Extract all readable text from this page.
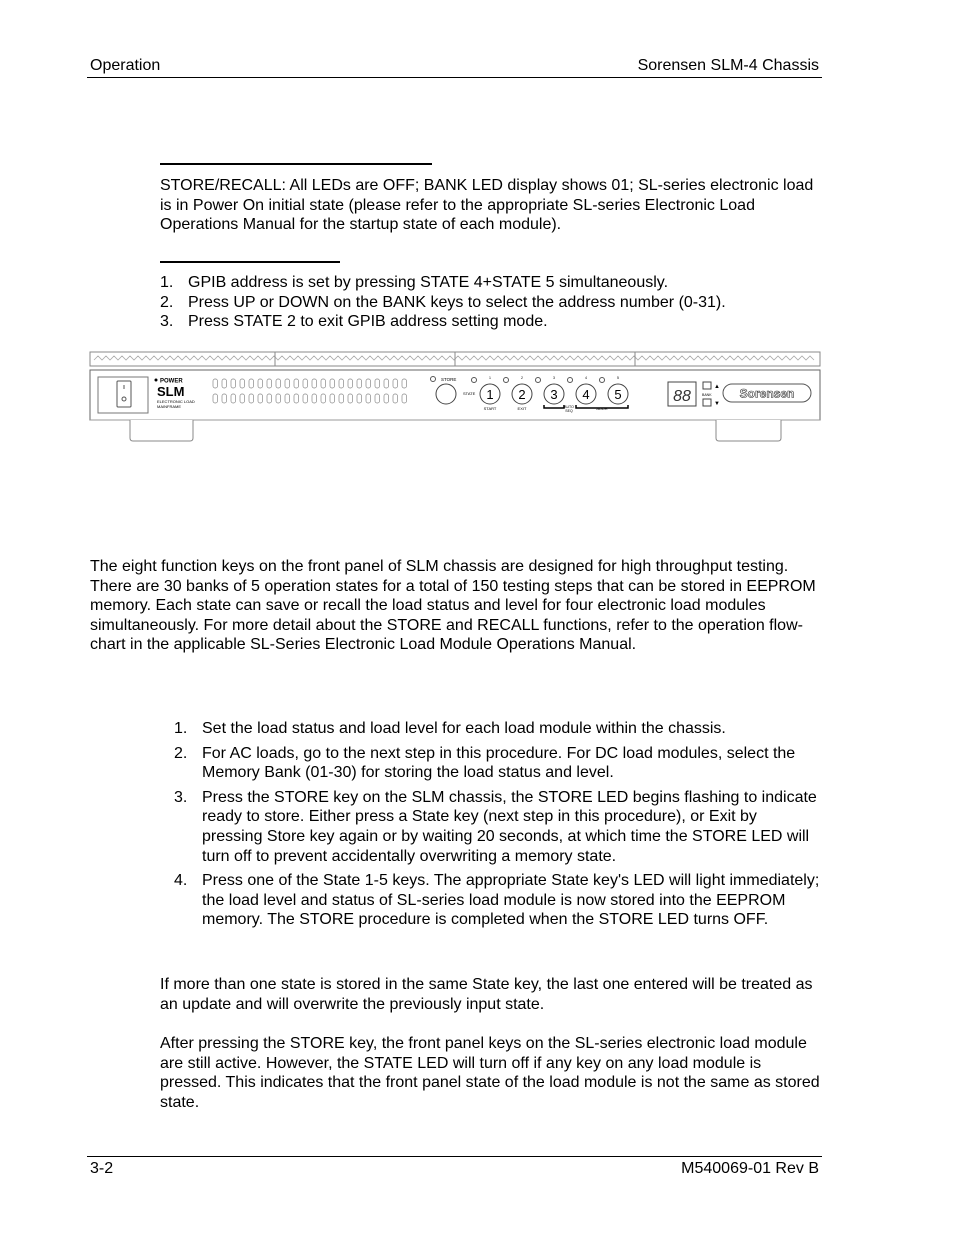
Operation	Sorensen SLM-4 Chassis
STORE/RECALL: All LEDs are OFF; BANK LED display shows 01; SL-series electronic load is in Power On initial state (please refer to the appropriate SL-series Electronic Load Operations Manual for the startup state of each module).
1. GPIB address is set by pressing STATE 4+STATE 5 simultaneously.
2. Press UP or DOWN on the BANK keys to select the address number (0-31).
3. Press STATE 2 to exit GPIB address setting mode.
POWER
SLM
ELECTRONIC LOAD
MAINFRAME
STORE
STATE 1 2 3 4 5
1	2	3	4	5
START	EXIT	AUTO
SEQ	ADDR
88
▲
BANK
▼
Sorensen
The eight function keys on the front panel of SLM chassis are designed for high throughput testing. There are 30 banks of 5 operation states for a total of 150 testing steps that can be stored in EEPROM memory. Each state can save or recall the load status and level for four electronic load modules simultaneously. For more detail about the STORE and RECALL functions, refer to the operation flow-chart in the applicable SL-Series Electronic Load Module Operations Manual.
1. Set the load status and load level for each load module within the chassis.
2. For AC loads, go to the next step in this procedure. For DC load modules, select the Memory Bank (01-30) for storing the load status and level.
3. Press the STORE key on the SLM chassis, the STORE LED begins flashing to indicate ready to store. Either press a State key (next step in this procedure), or Exit by pressing Store key again or by waiting 20 seconds, at which time the STORE LED will turn off to prevent accidentally overwriting a memory state.
4. Press one of the State 1-5 keys. The appropriate State key's LED will light immediately; the load level and status of SL-series load module is now stored into the EEPROM memory. The STORE procedure is completed when the STORE LED turns OFF.
If more than one state is stored in the same State key, the last one entered will be treated as an update and will overwrite the previously input state.
After pressing the STORE key, the front panel keys on the SL-series electronic load module are still active. However, the STATE LED will turn off if any key on any load module is pressed. This indicates that the front panel state of the load module is not the same as stored state.
3-2	M540069-01 Rev B
